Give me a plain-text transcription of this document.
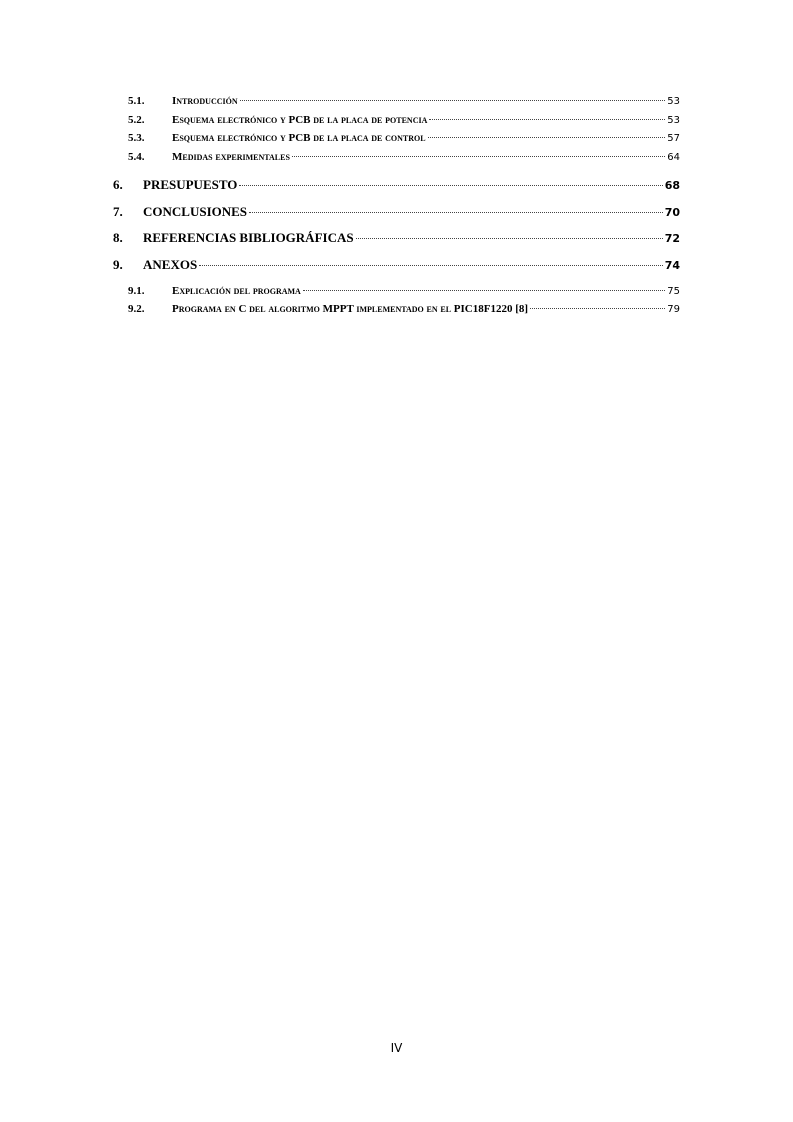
5.1.	Introducción	53
5.2.	Esquema electrónico y PCB de la placa de potencia	53
5.3.	Esquema electrónico y PCB de la placa de control	57
5.4.	Medidas experimentales	64
6.	PRESUPUESTO	68
7.	CONCLUSIONES	70
8.	REFERENCIAS BIBLIOGRÁFICAS	72
9.	ANEXOS	74
9.1.	Explicación del programa	75
9.2.	Programa en C del algoritmo MPPT implementado en el PIC18F1220 [8]	79
IV
